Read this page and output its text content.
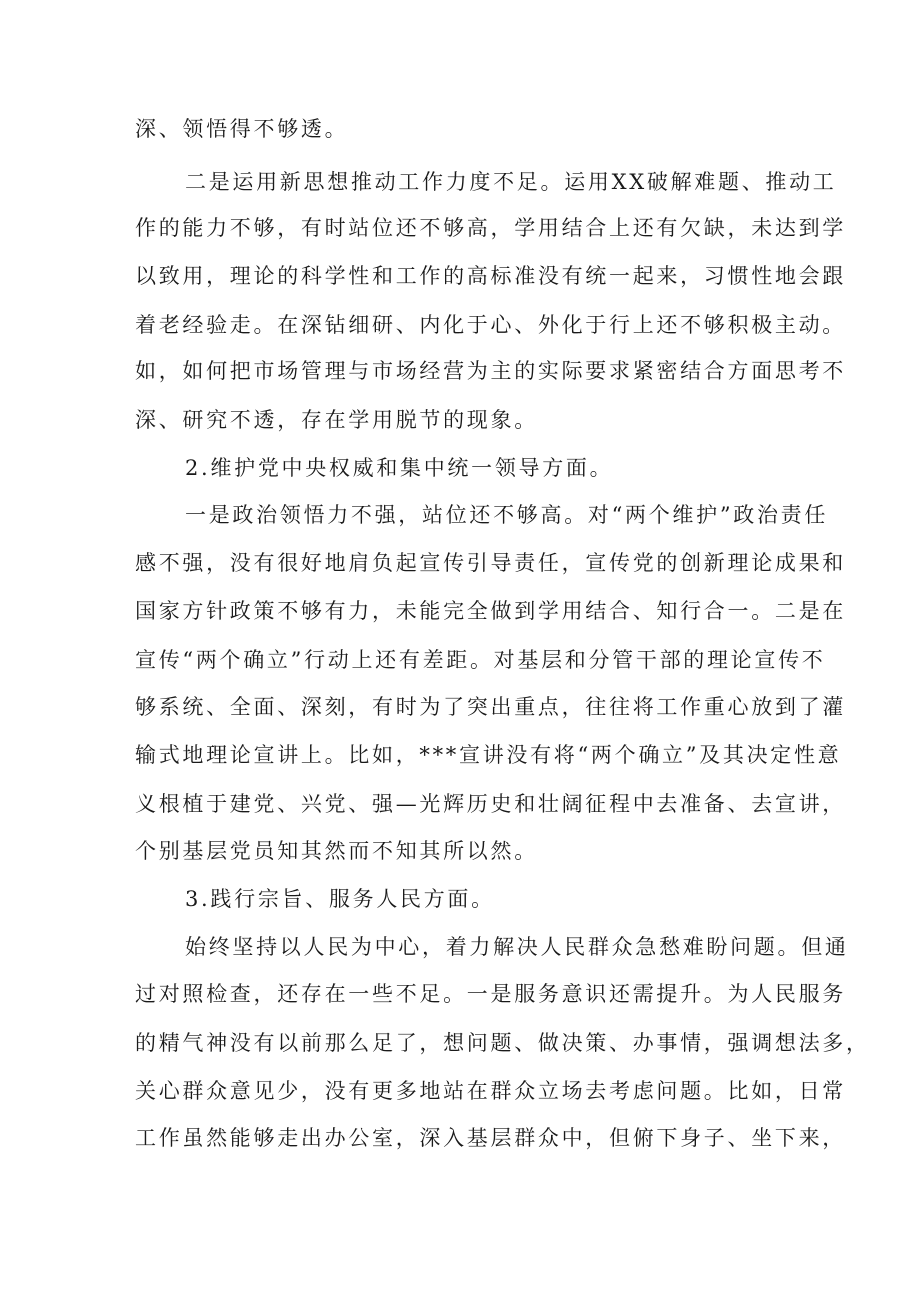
深、领悟得不够透。
二是运用新思想推动工作力度不足。运用XX破解难题、推动工
作的能力不够，有时站位还不够高，学用结合上还有欠缺，未达到学
以致用，理论的科学性和工作的高标准没有统一起来，习惯性地会跟
着老经验走。在深钻细研、内化于心、外化于行上还不够积极主动。
如，如何把市场管理与市场经营为主的实际要求紧密结合方面思考不
深、研究不透，存在学用脱节的现象。
2.维护党中央权威和集中统一领导方面。
一是政治领悟力不强，站位还不够高。对“两个维护”政治责任
感不强，没有很好地肩负起宣传引导责任，宣传党的创新理论成果和
国家方针政策不够有力，未能完全做到学用结合、知行合一。二是在
宣传“两个确立”行动上还有差距。对基层和分管干部的理论宣传不
够系统、全面、深刻，有时为了突出重点，往往将工作重心放到了灌
输式地理论宣讲上。比如，***宣讲没有将“两个确立”及其决定性意
义根植于建党、兴党、强—光辉历史和壮阔征程中去准备、去宣讲，
个别基层党员知其然而不知其所以然。
3.践行宗旨、服务人民方面。
始终坚持以人民为中心，着力解决人民群众急愁难盼问题。但通
过对照检查，还存在一些不足。一是服务意识还需提升。为人民服务
的精气神没有以前那么足了，想问题、做决策、办事情，强调想法多，
关心群众意见少，没有更多地站在群众立场去考虑问题。比如，日常
工作虽然能够走出办公室，深入基层群众中，但俯下身子、坐下来，
